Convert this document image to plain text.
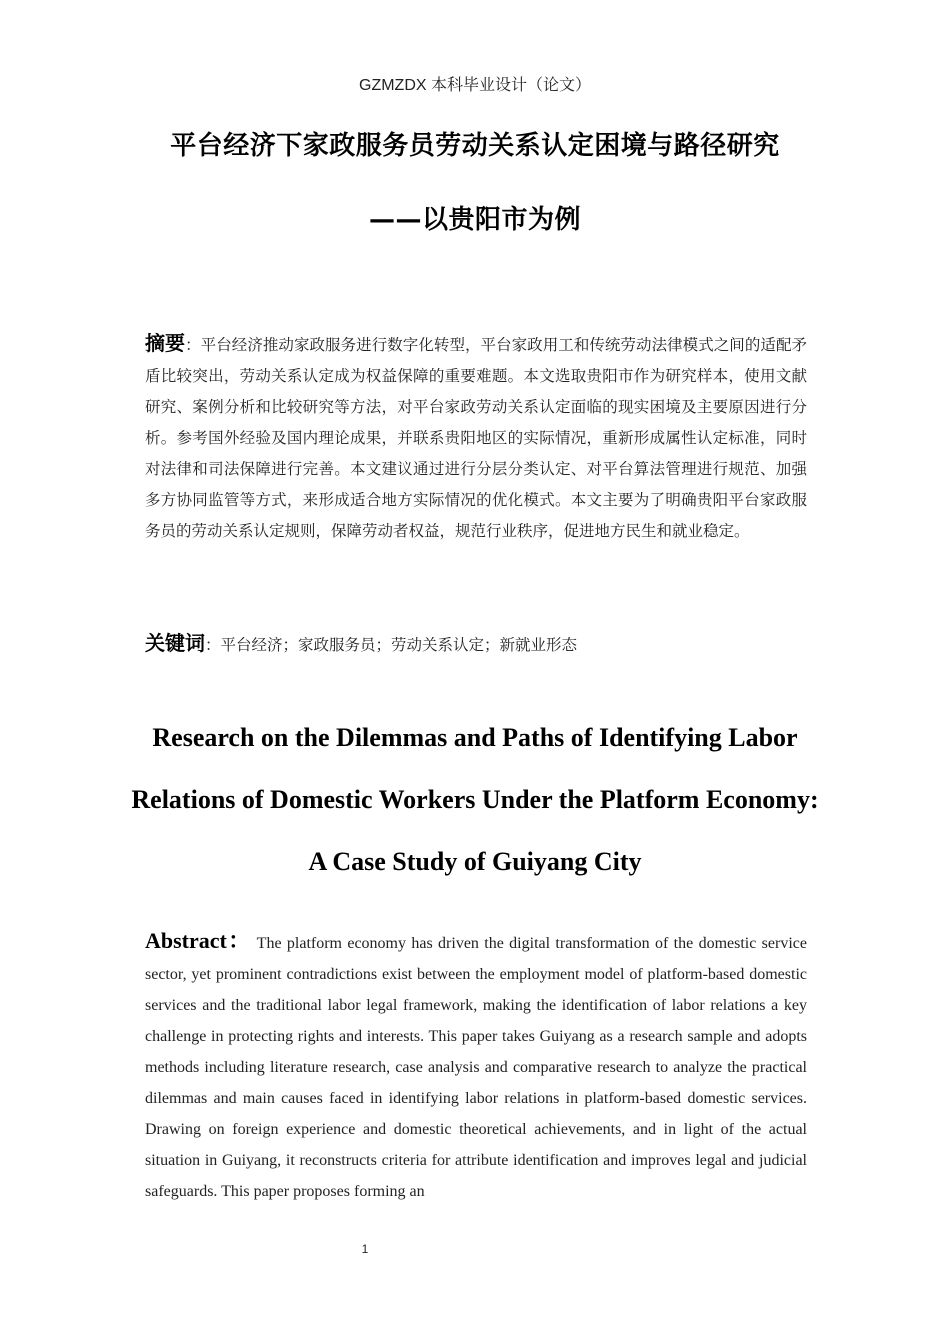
GZMZDX 本科毕业设计（论文）
平台经济下家政服务员劳动关系认定困境与路径研究
——以贵阳市为例
摘要：平台经济推动家政服务进行数字化转型，平台家政用工和传统劳动法律模式之间的适配矛盾比较突出，劳动关系认定成为权益保障的重要难题。本文选取贵阳市作为研究样本，使用文献研究、案例分析和比较研究等方法，对平台家政劳动关系认定面临的现实困境及主要原因进行分析。参考国外经验及国内理论成果，并联系贵阳地区的实际情况，重新形成属性认定标准，同时对法律和司法保障进行完善。本文建议通过进行分层分类认定、对平台算法管理进行规范、加强多方协同监管等方式，来形成适合地方实际情况的优化模式。本文主要为了明确贵阳平台家政服务员的劳动关系认定规则，保障劳动者权益，规范行业秩序，促进地方民生和就业稳定。
关键词：平台经济；家政服务员；劳动关系认定；新就业形态
Research on the Dilemmas and Paths of Identifying Labor Relations of Domestic Workers Under the Platform Economy: A Case Study of Guiyang City
Abstract： The platform economy has driven the digital transformation of the domestic service sector, yet prominent contradictions exist between the employment model of platform-based domestic services and the traditional labor legal framework, making the identification of labor relations a key challenge in protecting rights and interests. This paper takes Guiyang as a research sample and adopts methods including literature research, case analysis and comparative research to analyze the practical dilemmas and main causes faced in identifying labor relations in platform-based domestic services. Drawing on foreign experience and domestic theoretical achievements, and in light of the actual situation in Guiyang, it reconstructs criteria for attribute identification and improves legal and judicial safeguards. This paper proposes forming an
1
